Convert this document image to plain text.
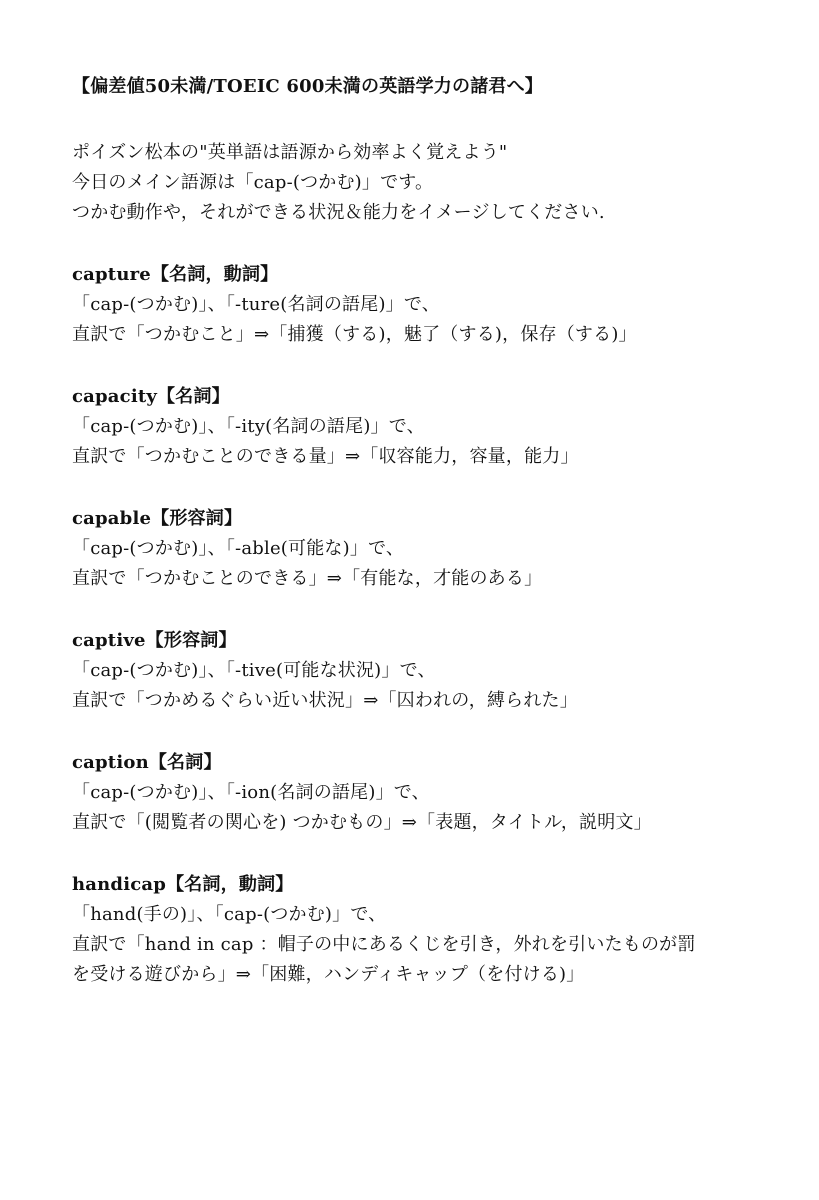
【偏差値50未満/TOEIC 600未満の英語学力の諸君へ】
ポイズン松本の"英単語は語源から効率よく覚えよう"
今日のメイン語源は「cap-(つかむ)」です。
つかむ動作や，それができる状況＆能力をイメージしてください.
capture【名詞，動詞】
「cap-(つかむ)」、「-ture(名詞の語尾)」で、
直訳で「つかむこと」⇒「捕獲（する)，魅了（する)，保存（する)」
capacity【名詞】
「cap-(つかむ)」、「-ity(名詞の語尾)」で、
直訳で「つかむことのできる量」⇒「収容能力，容量，能力」
capable【形容詞】
「cap-(つかむ)」、「-able(可能な)」で、
直訳で「つかむことのできる」⇒「有能な，才能のある」
captive【形容詞】
「cap-(つかむ)」、「-tive(可能な状況)」で、
直訳で「つかめるぐらい近い状況」⇒「囚われの，縛られた」
caption【名詞】
「cap-(つかむ)」、「-ion(名詞の語尾)」で、
直訳で「(閲覧者の関心を) つかむもの」⇒「表題，タイトル，説明文」
handicap【名詞，動詞】
「hand(手の)」、「cap-(つかむ)」で、
直訳で「hand in cap ：帽子の中にあるくじを引き，外れを引いたものが罰
を受ける遊びから」⇒「困難，ハンディキャップ（を付ける)」
